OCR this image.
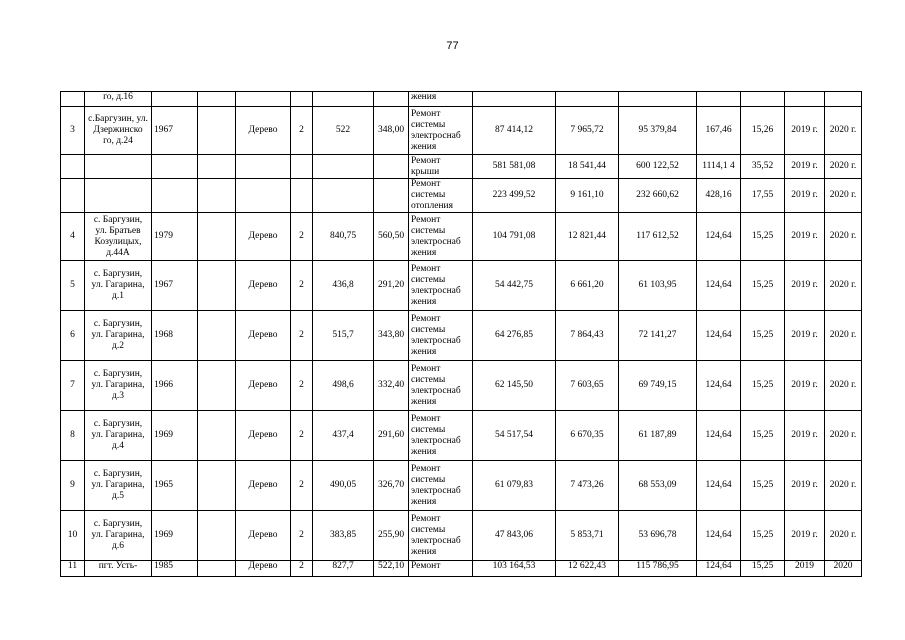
77
	го, д.16							жения							
3	с.Баргузин, ул. Дзержинско го, д.24	1967		Дерево	2	522	348,00	Ремонт системы электроснаб жения	87 414,12	7 965,72	95 379,84	167,46	15,26	2019 г.	2020 г.
								Ремонт крыши	581 581,08	18 541,44	600 122,52	1114,1 4	35,52	2019 г.	2020 г.
								Ремонт системы отопления	223 499,52	9 161,10	232 660,62	428,16	17,55	2019 г.	2020 г.
4	с. Баргузин, ул. Братьев Козулицых, д.44А	1979		Дерево	2	840,75	560,50	Ремонт системы электроснаб жения	104 791,08	12 821,44	117 612,52	124,64	15,25	2019 г.	2020 г.
5	с. Баргузин, ул. Гагарина, д.1	1967		Дерево	2	436,8	291,20	Ремонт системы электроснаб жения	54 442,75	6 661,20	61 103,95	124,64	15,25	2019 г.	2020 г.
6	с. Баргузин, ул. Гагарина, д.2	1968		Дерево	2	515,7	343,80	Ремонт системы электроснаб жения	64 276,85	7 864,43	72 141,27	124,64	15,25	2019 г.	2020 г.
7	с. Баргузин, ул. Гагарина, д.3	1966		Дерево	2	498,6	332,40	Ремонт системы электроснаб жения	62 145,50	7 603,65	69 749,15	124,64	15,25	2019 г.	2020 г.
8	с. Баргузин, ул. Гагарина, д.4	1969		Дерево	2	437,4	291,60	Ремонт системы электроснаб жения	54 517,54	6 670,35	61 187,89	124,64	15,25	2019 г.	2020 г.
9	с. Баргузин, ул. Гагарина, д.5	1965		Дерево	2	490,05	326,70	Ремонт системы электроснаб жения	61 079,83	7 473,26	68 553,09	124,64	15,25	2019 г.	2020 г.
10	с. Баргузин, ул. Гагарина, д.6	1969		Дерево	2	383,85	255,90	Ремонт системы электроснаб жения	47 843,06	5 853,71	53 696,78	124,64	15,25	2019 г.	2020 г.
11	пгт. Усть-	1985		Дерево	2	827,7	522,10	Ремонт	103 164,53	12 622,43	115 786,95	124,64	15,25	2019	2020
